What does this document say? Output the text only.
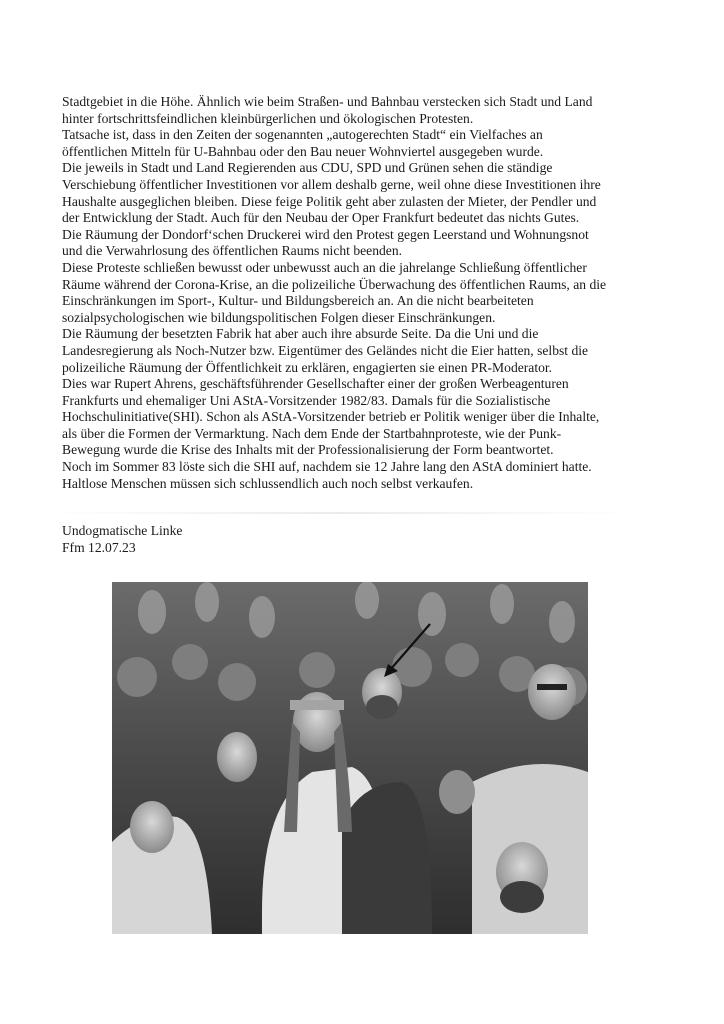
Stadtgebiet in die Höhe. Ähnlich wie beim Straßen- und Bahnbau verstecken sich Stadt und Land
hinter fortschrittsfeindlichen kleinbürgerlichen und ökologischen Protesten.
Tatsache ist, dass in den Zeiten der sogenannten „autogerechten Stadt“ ein Vielfaches an
öffentlichen Mitteln für U-Bahnbau oder den Bau neuer Wohnviertel ausgegeben wurde.
Die jeweils in Stadt und Land Regierenden aus CDU, SPD und Grünen sehen die ständige
Verschiebung öffentlicher Investitionen vor allem deshalb gerne, weil ohne diese Investitionen ihre
Haushalte ausgeglichen bleiben. Diese feige Politik geht aber zulasten der Mieter, der Pendler und
der Entwicklung der Stadt. Auch für den Neubau der Oper Frankfurt bedeutet das nichts Gutes.
Die Räumung der Dondorf‘schen Druckerei wird den Protest gegen Leerstand und Wohnungsnot
und die Verwahrlosung des öffentlichen Raums nicht beenden.
Diese Proteste schließen bewusst oder unbewusst auch an die jahrelange Schließung öffentlicher
Räume während der Corona-Krise, an die polizeiliche Überwachung des öffentlichen Raums, an die
Einschränkungen im Sport-, Kultur- und Bildungsbereich an. An die nicht bearbeiteten
sozialpsychologischen wie bildungspolitischen Folgen dieser Einschränkungen.
Die Räumung der besetzten Fabrik hat aber auch ihre absurde Seite. Da die Uni und die
Landesregierung als Noch-Nutzer bzw. Eigentümer des Geländes nicht die Eier hatten, selbst die
polizeiliche Räumung der Öffentlichkeit zu erklären, engagierten sie einen PR-Moderator.
Dies war Rupert Ahrens, geschäftsführender Gesellschafter einer der großen Werbeagenturen
Frankfurts und ehemaliger Uni AStA-Vorsitzender 1982/83. Damals für die Sozialistische
Hochschulinitiative(SHI). Schon als AStA-Vorsitzender betrieb er Politik weniger über die Inhalte,
als über die Formen der Vermarktung. Nach dem Ende der Startbahnproteste, wie der Punk-
Bewegung wurde die Krise des Inhalts mit der Professionalisierung der Form beantwortet.
Noch im Sommer 83 löste sich die SHI auf, nachdem sie 12 Jahre lang den AStA dominiert hatte.
Haltlose Menschen müssen sich schlussendlich auch noch selbst verkaufen.
Undogmatische Linke
Ffm 12.07.23
